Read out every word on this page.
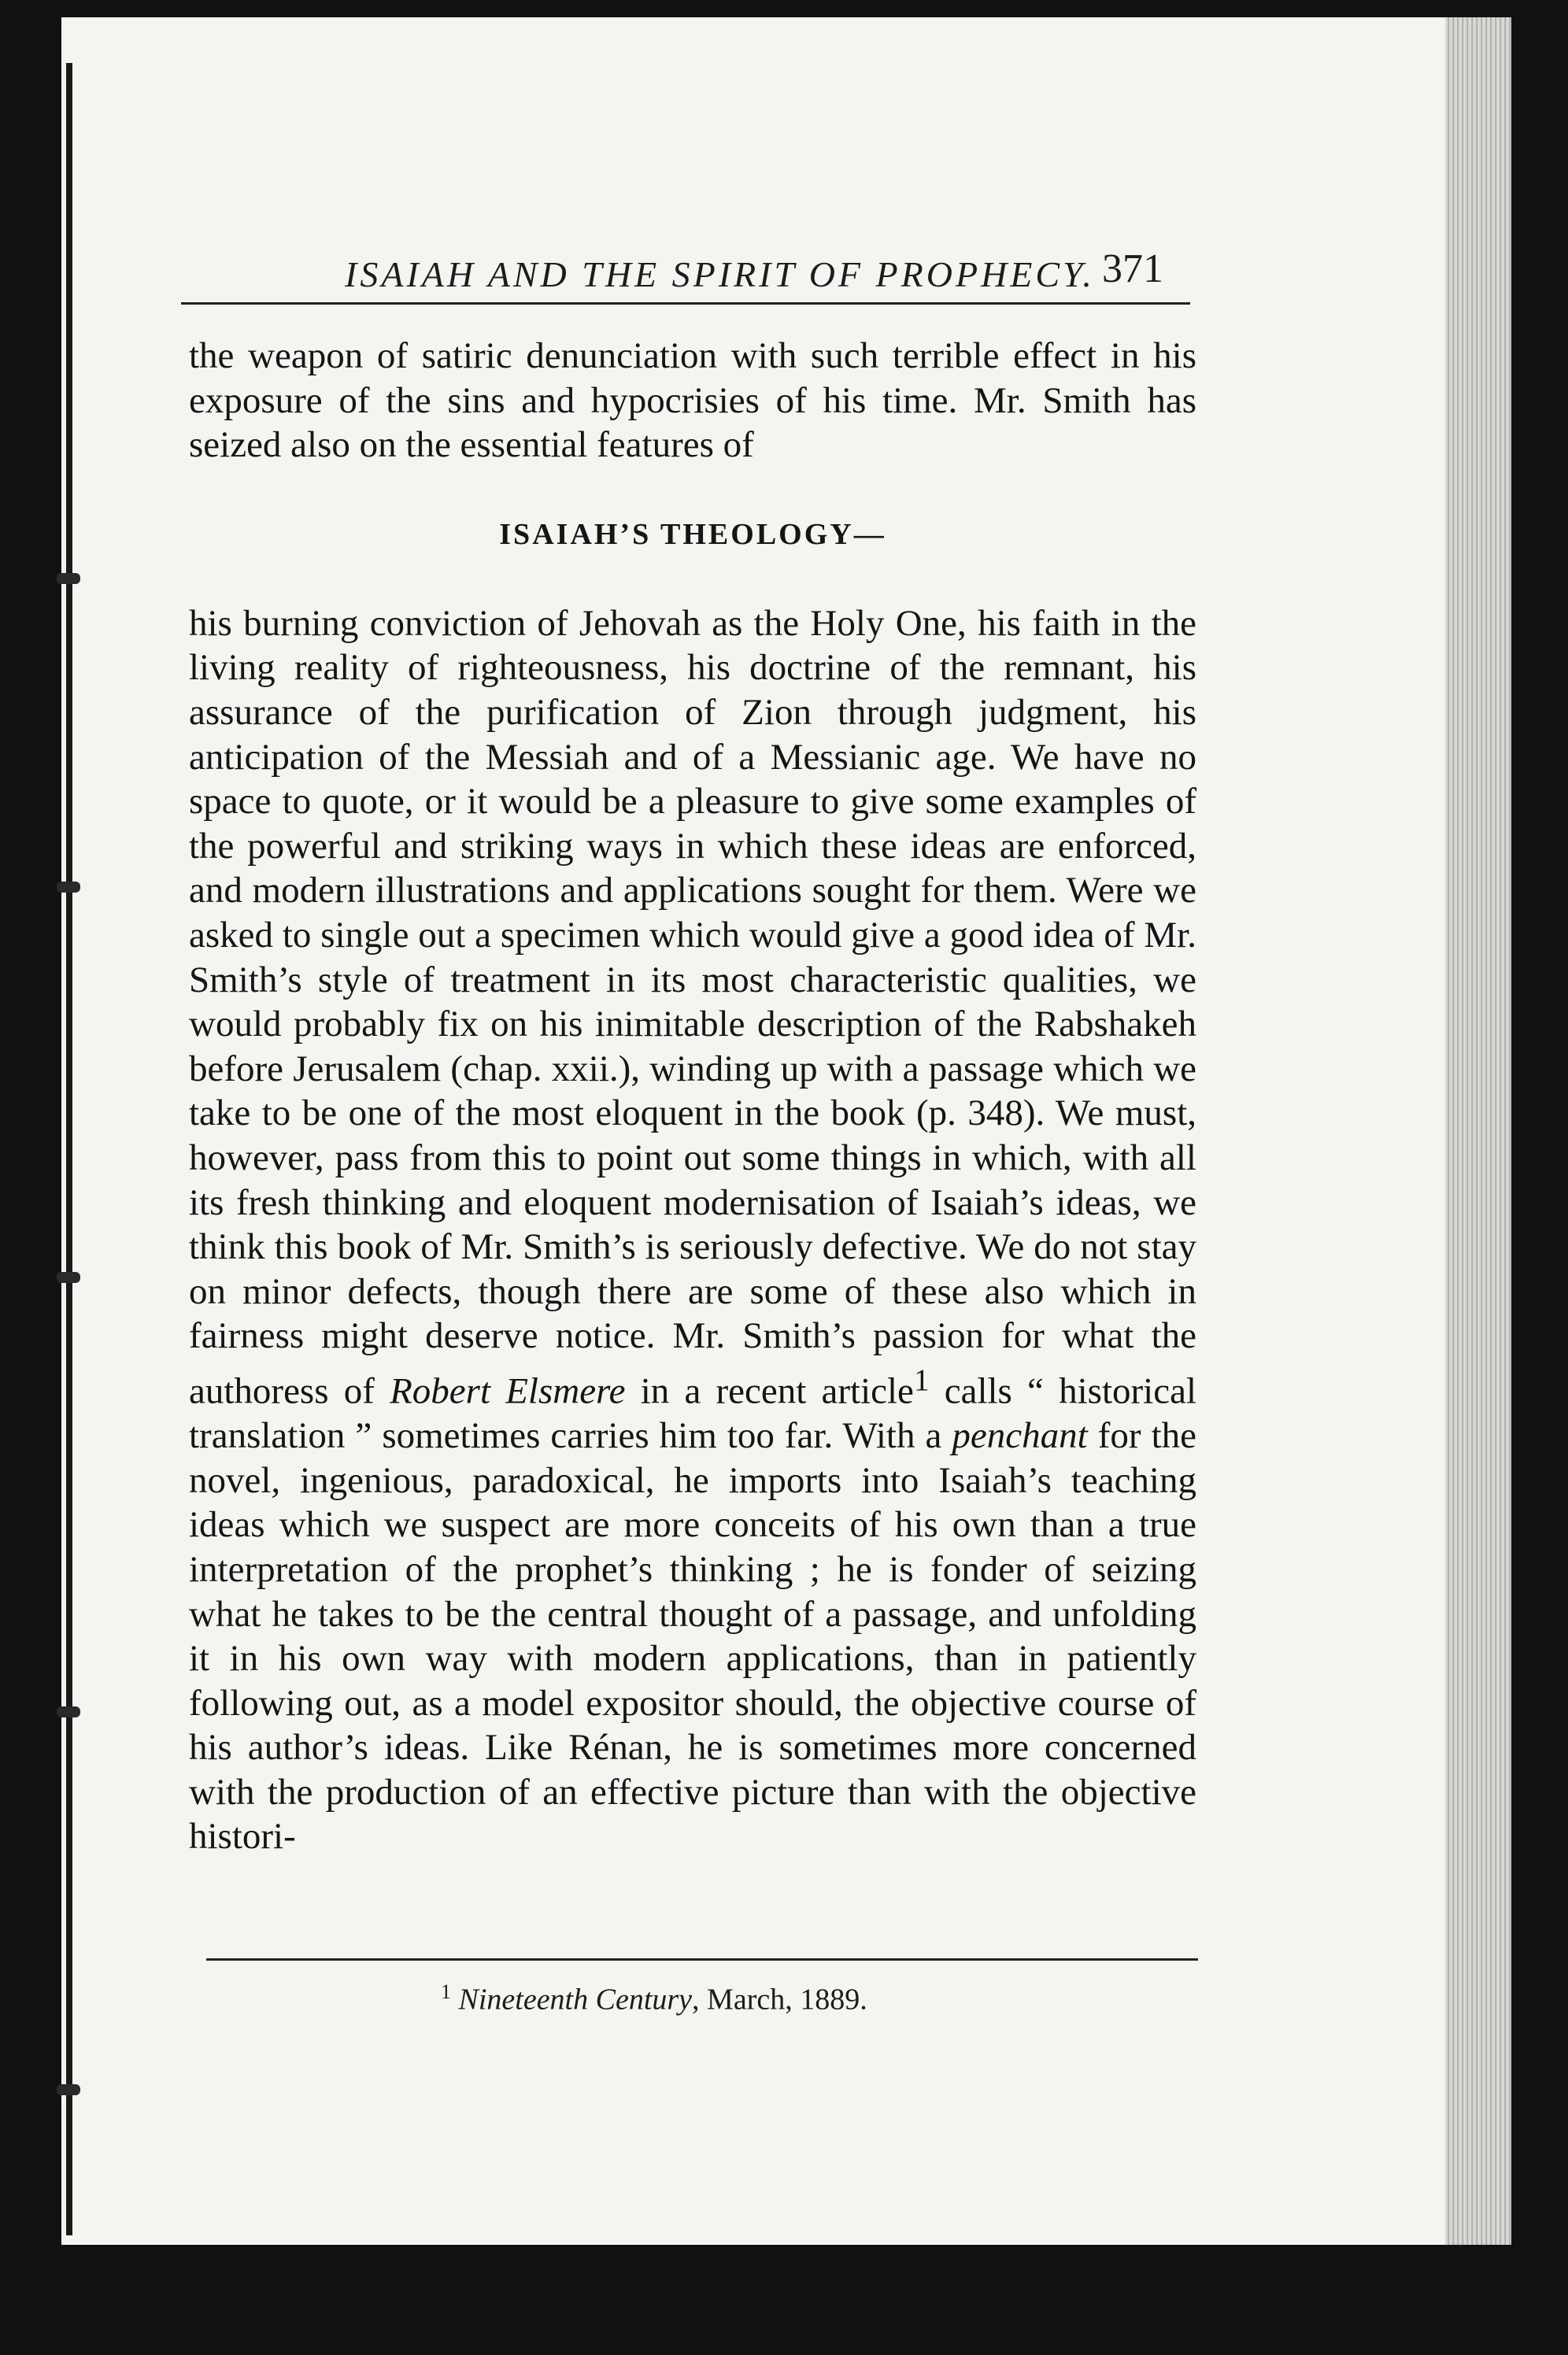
ISAIAH AND THE SPIRIT OF PROPHECY. 371

the weapon of satiric denunciation with such terrible effect in his exposure of the sins and hypocrisies of his time. Mr. Smith has seized also on the essential features of

ISAIAH’S THEOLOGY—

his burning conviction of Jehovah as the Holy One, his faith in the living reality of righteousness, his doctrine of the remnant, his assurance of the purification of Zion through judgment, his anticipation of the Messiah and of a Messianic age. We have no space to quote, or it would be a pleasure to give some examples of the powerful and striking ways in which these ideas are enforced, and modern illustrations and applications sought for them. Were we asked to single out a specimen which would give a good idea of Mr. Smith’s style of treatment in its most characteristic qualities, we would probably fix on his inimitable description of the Rabshakeh before Jerusalem (chap. xxii.), winding up with a passage which we take to be one of the most eloquent in the book (p. 348). We must, however, pass from this to point out some things in which, with all its fresh thinking and eloquent modernisation of Isaiah’s ideas, we think this book of Mr. Smith’s is seriously defective. We do not stay on minor defects, though there are some of these also which in fairness might deserve notice. Mr. Smith’s passion for what the authoress of Robert Elsmere in a recent article$^1$ calls “ historical translation ” sometimes carries him too far. With a penchant for the novel, ingenious, paradoxical, he imports into Isaiah’s teaching ideas which we suspect are more conceits of his own than a true interpretation of the prophet’s thinking ; he is fonder of seizing what he takes to be the central thought of a passage, and unfolding it in his own way with modern applications, than in patiently following out, as a model expositor should, the objective course of his author’s ideas. Like Rénan, he is sometimes more concerned with the production of an effective picture than with the objective histori-

$^1$ Nineteenth Century, March, 1889.
